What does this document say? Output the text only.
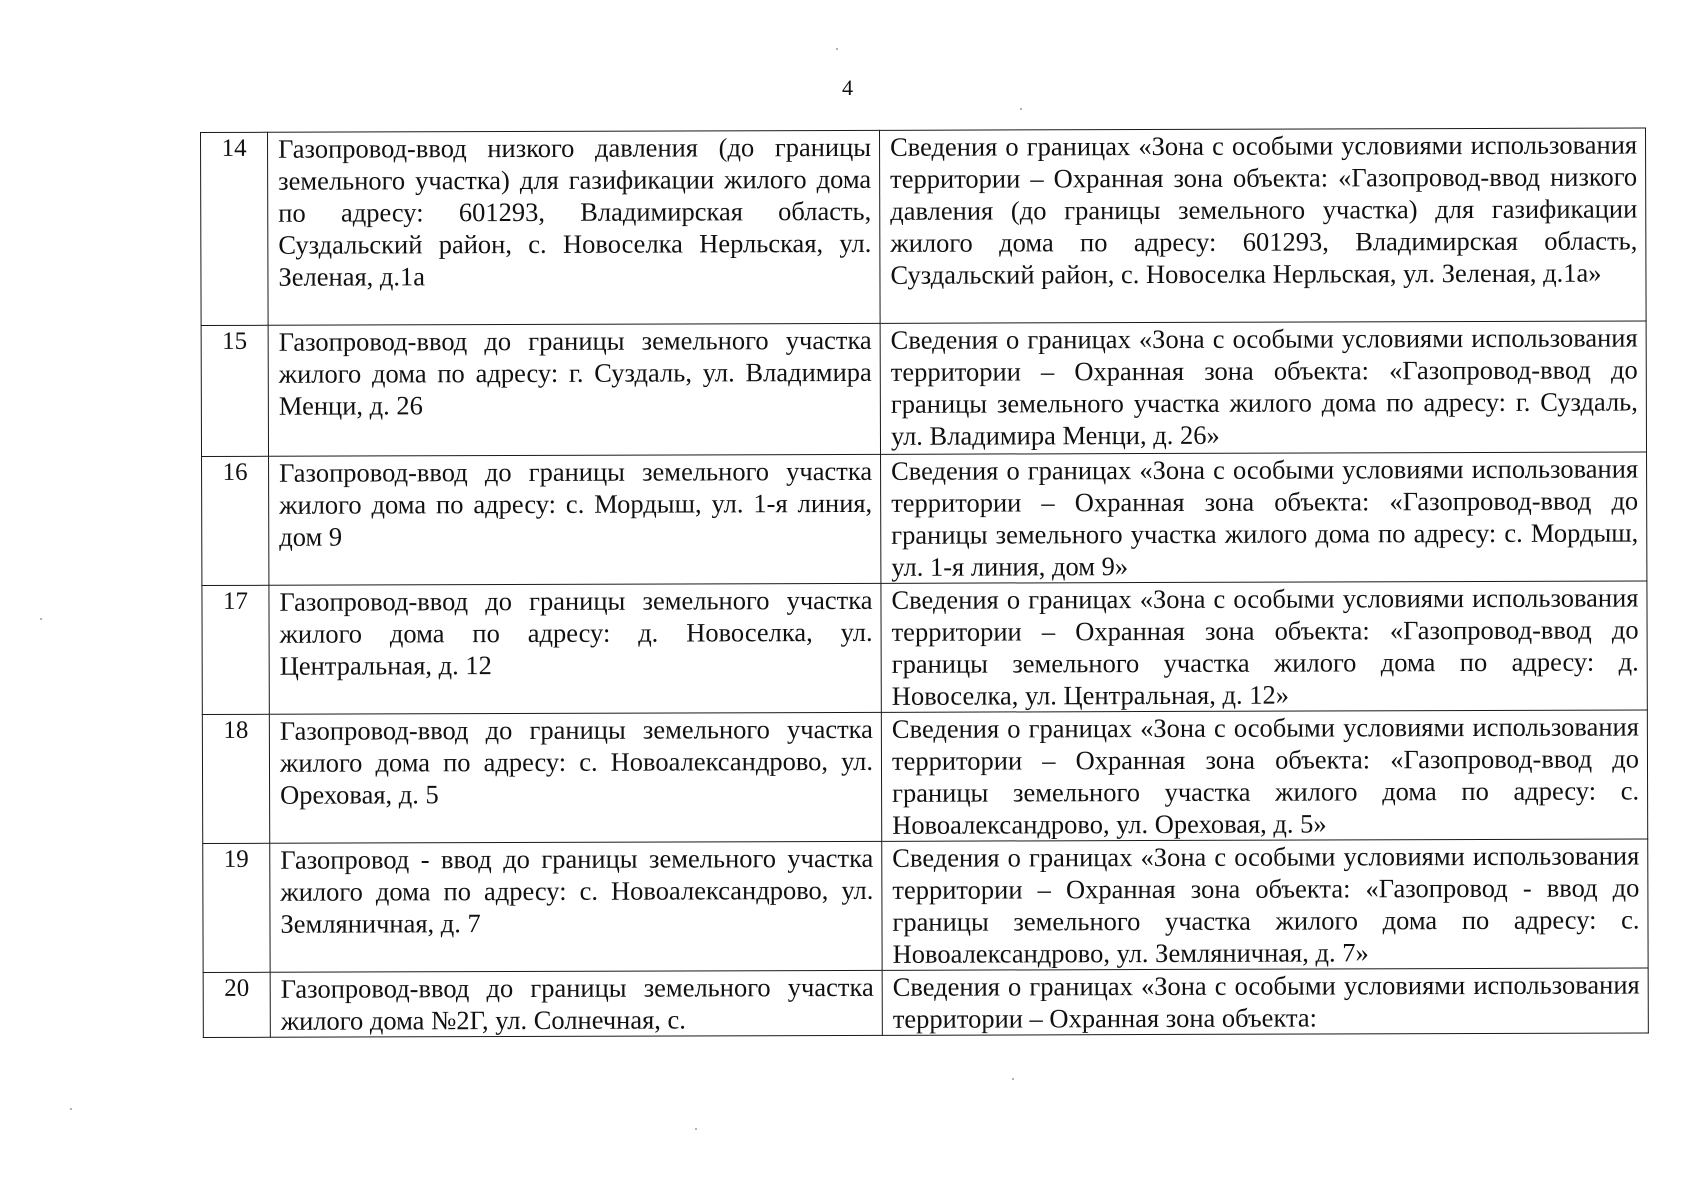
4
14	Газопровод-ввод низкого давления (до границы земельного участка) для газификации жилого дома по адресу: 601293, Владимирская область, Суздальский район, с. Новоселка Нерльская, ул. Зеленая, д.1а	Сведения о границах «Зона с особыми условиями использования территории – Охранная зона объекта: «Газопровод-ввод низкого давления (до границы земельного участка) для газификации жилого дома по адресу: 601293, Владимирская область, Суздальский район, с. Новоселка Нерльская, ул. Зеленая, д.1а»
15	Газопровод-ввод до границы земельного участка жилого дома по адресу: г. Суздаль, ул. Владимира Менци, д. 26	Сведения о границах «Зона с особыми условиями использования территории – Охранная зона объекта: «Газопровод-ввод до границы земельного участка жилого дома по адресу: г. Суздаль, ул. Владимира Менци, д. 26»
16	Газопровод-ввод до границы земельного участка жилого дома по адресу: с. Мордыш, ул. 1-я линия, дом 9	Сведения о границах «Зона с особыми условиями использования территории – Охранная зона объекта: «Газопровод-ввод до границы земельного участка жилого дома по адресу: с. Мордыш, ул. 1-я линия, дом 9»
17	Газопровод-ввод до границы земельного участка жилого дома по адресу: д. Новоселка, ул. Центральная, д. 12	Сведения о границах «Зона с особыми условиями использования территории – Охранная зона объекта: «Газопровод-ввод до границы земельного участка жилого дома по адресу: д. Новоселка, ул. Центральная, д. 12»
18	Газопровод-ввод до границы земельного участка жилого дома по адресу: с. Новоалександрово, ул. Ореховая, д. 5	Сведения о границах «Зона с особыми условиями использования территории – Охранная зона объекта: «Газопровод-ввод до границы земельного участка жилого дома по адресу: с. Новоалександрово, ул. Ореховая, д. 5»
19	Газопровод - ввод до границы земельного участка жилого дома по адресу: с. Новоалександрово, ул. Земляничная, д. 7	Сведения о границах «Зона с особыми условиями использования территории – Охранная зона объекта: «Газопровод - ввод до границы земельного участка жилого дома по адресу: с. Новоалександрово, ул. Земляничная, д. 7»
20	Газопровод-ввод до границы земельного участка жилого дома №2Г, ул. Солнечная, с.	Сведения о границах «Зона с особыми условиями использования территории – Охранная зона объекта:
